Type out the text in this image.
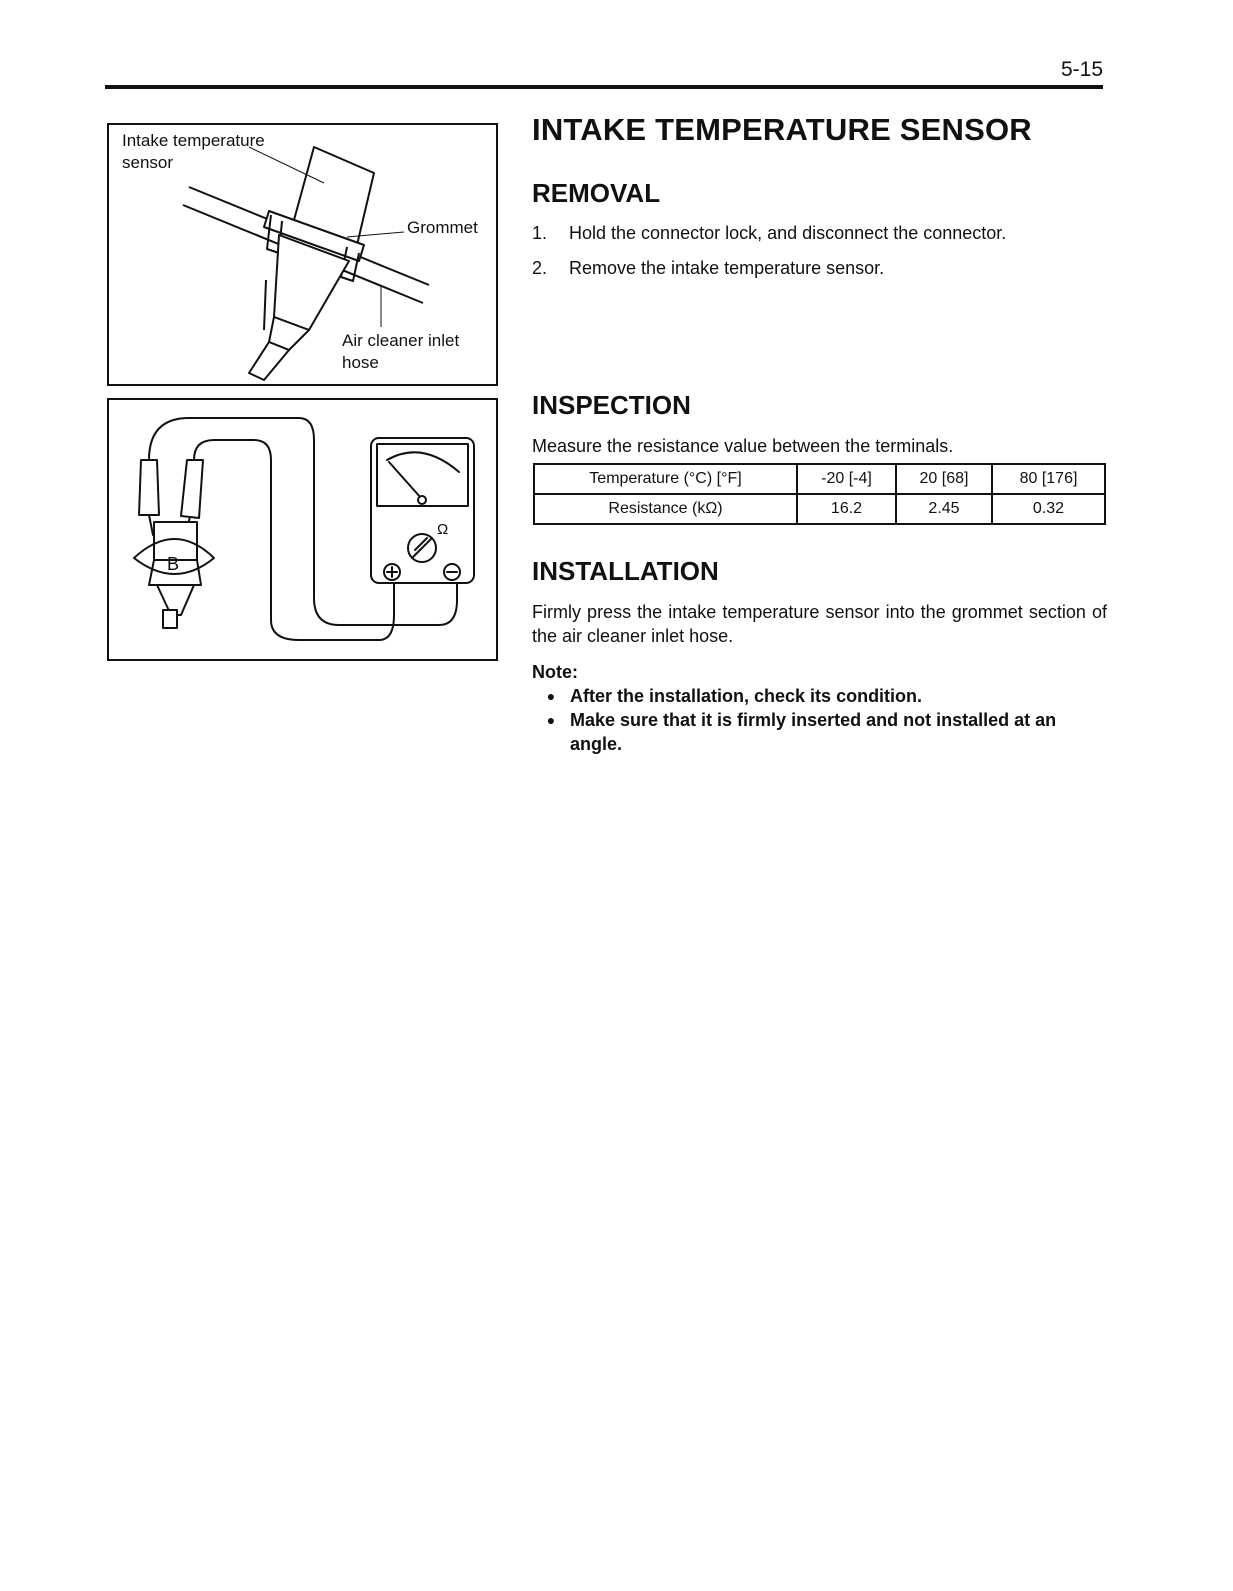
5-15
Intake temperature sensor
Grommet
Air cleaner inlet hose
B
Ω
INTAKE TEMPERATURE SENSOR
REMOVAL
1.	Hold the connector lock, and disconnect the connector.
2.	Remove the intake temperature sensor.
INSPECTION

Measure the resistance value between the terminals.

Temperature (°C) [°F]	-20 [-4]	20 [68]	80 [176]
Resistance (kΩ)	16.2	2.45	0.32
INSTALLATION

Firmly press the intake temperature sensor into the grommet section of the air cleaner inlet hose.

Note:

● After the installation, check its condition.
● Make sure that it is firmly inserted and not installed at an angle.
